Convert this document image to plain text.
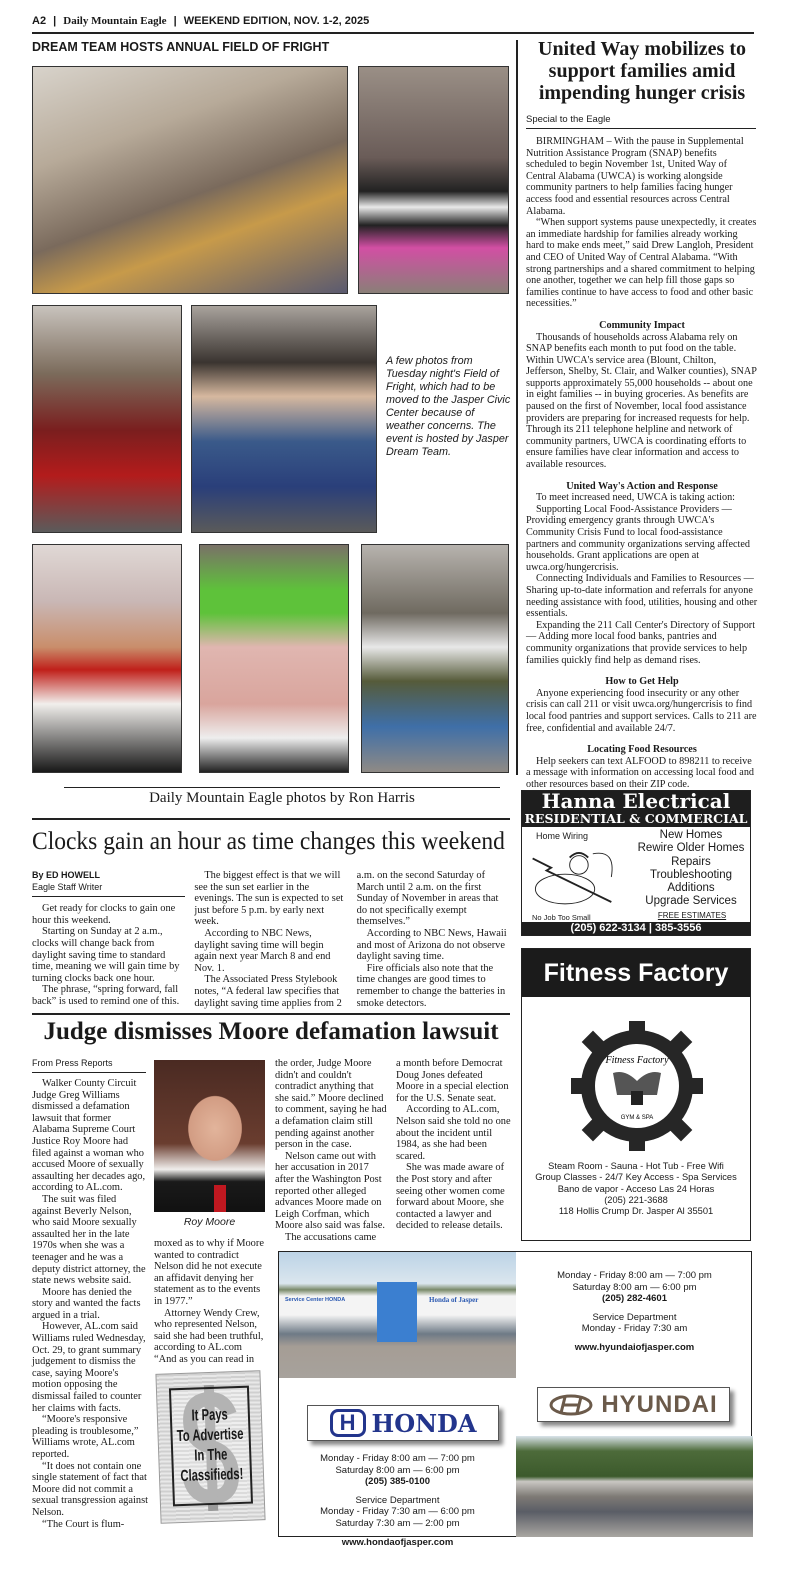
A2 | Daily Mountain Eagle | WEEKEND EDITION, NOV. 1-2, 2025
DREAM TEAM HOSTS ANNUAL FIELD OF FRIGHT
A few photos from Tuesday night's Field of Fright, which had to be moved to the Jasper Civic Center because of weather concerns. The event is hosted by Jasper Dream Team.
Daily Mountain Eagle photos by Ron Harris
United Way mobilizes to support families amid impending hunger crisis
Special to the Eagle

BIRMINGHAM – With the pause in Supplemental Nutrition Assistance Program (SNAP) benefits scheduled to begin November 1st, United Way of Central Alabama (UWCA) is working alongside community partners to help families facing hunger access food and essential resources across Central Alabama.

“When support systems pause unexpectedly, it creates an immediate hardship for families already working hard to make ends meet,” said Drew Langloh, President and CEO of United Way of Central Alabama. “With strong partnerships and a shared commitment to helping one another, together we can help fill those gaps so families continue to have access to food and other basic necessities.”

Community Impact

Thousands of households across Alabama rely on SNAP benefits each month to put food on the table. Within UWCA's service area (Blount, Chilton, Jefferson, Shelby, St. Clair, and Walker counties), SNAP supports approximately 55,000 households -- about one in eight families -- in buying groceries. As benefits are paused on the first of November, local food assistance providers are preparing for increased requests for help. Through its 211 telephone helpline and network of community partners, UWCA is coordinating efforts to ensure families have clear information and access to available resources.

United Way's Action and Response

To meet increased need, UWCA is taking action:

Supporting Local Food-Assistance Providers — Providing emergency grants through UWCA's Community Crisis Fund to local food-assistance partners and community organizations serving affected households. Grant applications are open at uwca.org/hungercrisis.

Connecting Individuals and Families to Resources — Sharing up-to-date information and referrals for anyone needing assistance with food, utilities, housing and other essentials.

Expanding the 211 Call Center's Directory of Support — Adding more local food banks, pantries and community organizations that provide services to help families quickly find help as demand rises.

How to Get Help

Anyone experiencing food insecurity or any other crisis can call 211 or visit uwca.org/hungercrisis to find local food pantries and support services. Calls to 211 are free, confidential and available 24/7.

Locating Food Resources

Help seekers can text ALFOOD to 898211 to receive a message with information on accessing local food and other resources based on their ZIP code.

Clocks gain an hour as time changes this weekend
By ED HOWELL
Eagle Staff Writer

Get ready for clocks to gain one hour this weekend.

Starting on Sunday at 2 a.m., clocks will change back from daylight saving time to standard time, meaning we will gain time by turning clocks back one hour.

The phrase, “spring forward, fall back” is used to remind one of this.

The biggest effect is that we will see the sun set earlier in the evenings. The sun is expected to set just before 5 p.m. by early next week.

According to NBC News, daylight saving time will begin again next year March 8 and end Nov. 1.

The Associated Press Stylebook notes, “A federal law specifies that daylight saving time applies from 2 a.m. on the second Saturday of March until 2 a.m. on the first Sunday of November in areas that do not specifically exempt themselves.”

According to NBC News, Hawaii and most of Arizona do not observe daylight saving time.

Fire officials also note that the time changes are good times to remember to change the batteries in smoke detectors.

Judge dismisses Moore defamation lawsuit
From Press Reports

Walker County Circuit Judge Greg Williams dismissed a defamation lawsuit that former Alabama Supreme Court Justice Roy Moore had filed against a woman who accused Moore of sexually assaulting her decades ago, according to AL.com.

The suit was filed against Beverly Nelson, who said Moore sexually assaulted her in the late 1970s when she was a teenager and he was a deputy district attorney, the state news website said.

Moore has denied the story and wanted the facts argued in a trial.

However, AL.com said Williams ruled Wednesday, Oct. 29, to grant summary judgement to dismiss the case, saying Moore's motion opposing the dismissal failed to counter her claims with facts.

“Moore's responsive pleading is troublesome,” Williams wrote, AL.com reported.

“It does not contain one single statement of fact that Moore did not commit a sexual transgression against Nelson.

“The Court is flum-

Roy Moore

moxed as to why if Moore wanted to contradict Nelson did he not execute an affidavit denying her statement as to the events in 1977.”

Attorney Wendy Crew, who represented Nelson, said she had been truthful, according to AL.com “And as you can read in

It Pays
To Advertise
In The
Classifieds!

the order, Judge Moore didn't and couldn't contradict anything that she said.” Moore declined to comment, saying he had a defamation claim still pending against another person in the case.

Nelson came out with her accusation in 2017 after the Washington Post reported other alleged advances Moore made on Leigh Corfman, which Moore also said was false.

The accusations came

a month before Democrat Doug Jones defeated Moore in a special election for the U.S. Senate seat.

According to AL.com, Nelson said she told no one about the incident until 1984, as she had been scared.

She was made aware of the Post story and after seeing other women come forward about Moore, she contacted a lawyer and decided to release details.

Hanna Electrical
RESIDENTIAL & COMMERCIAL
Home Wiring
No Job Too Small
New Homes
Rewire Older Homes
Repairs
Troubleshooting
Additions
Upgrade Services
FREE ESTIMATES
(205) 622-3134 | 385-3556
Fitness Factory
Fitness Factory
GYM & SPA
Steam Room - Sauna - Hot Tub - Free Wifi
Group Classes - 24/7 Key Access - Spa Services
Bano de vapor - Acceso Las 24 Horas
(205) 221-3688
118 Hollis Crump Dr. Jasper Al 35501
Service Center HONDA	Honda of Jasper
H HONDA
Monday - Friday 8:00 am — 7:00 pm
Saturday 8:00 am — 6:00 pm
(205) 385-0100
Service Department
Monday - Friday 7:30 am — 6:00 pm
Saturday 7:30 am — 2:00 pm
www.hondaofjasper.com
Monday - Friday 8:00 am — 7:00 pm
Saturday 8:00 am — 6:00 pm
(205) 282-4601
Service Department
Monday - Friday 7:30 am
www.hyundaiofjasper.com
HYUNDAI
